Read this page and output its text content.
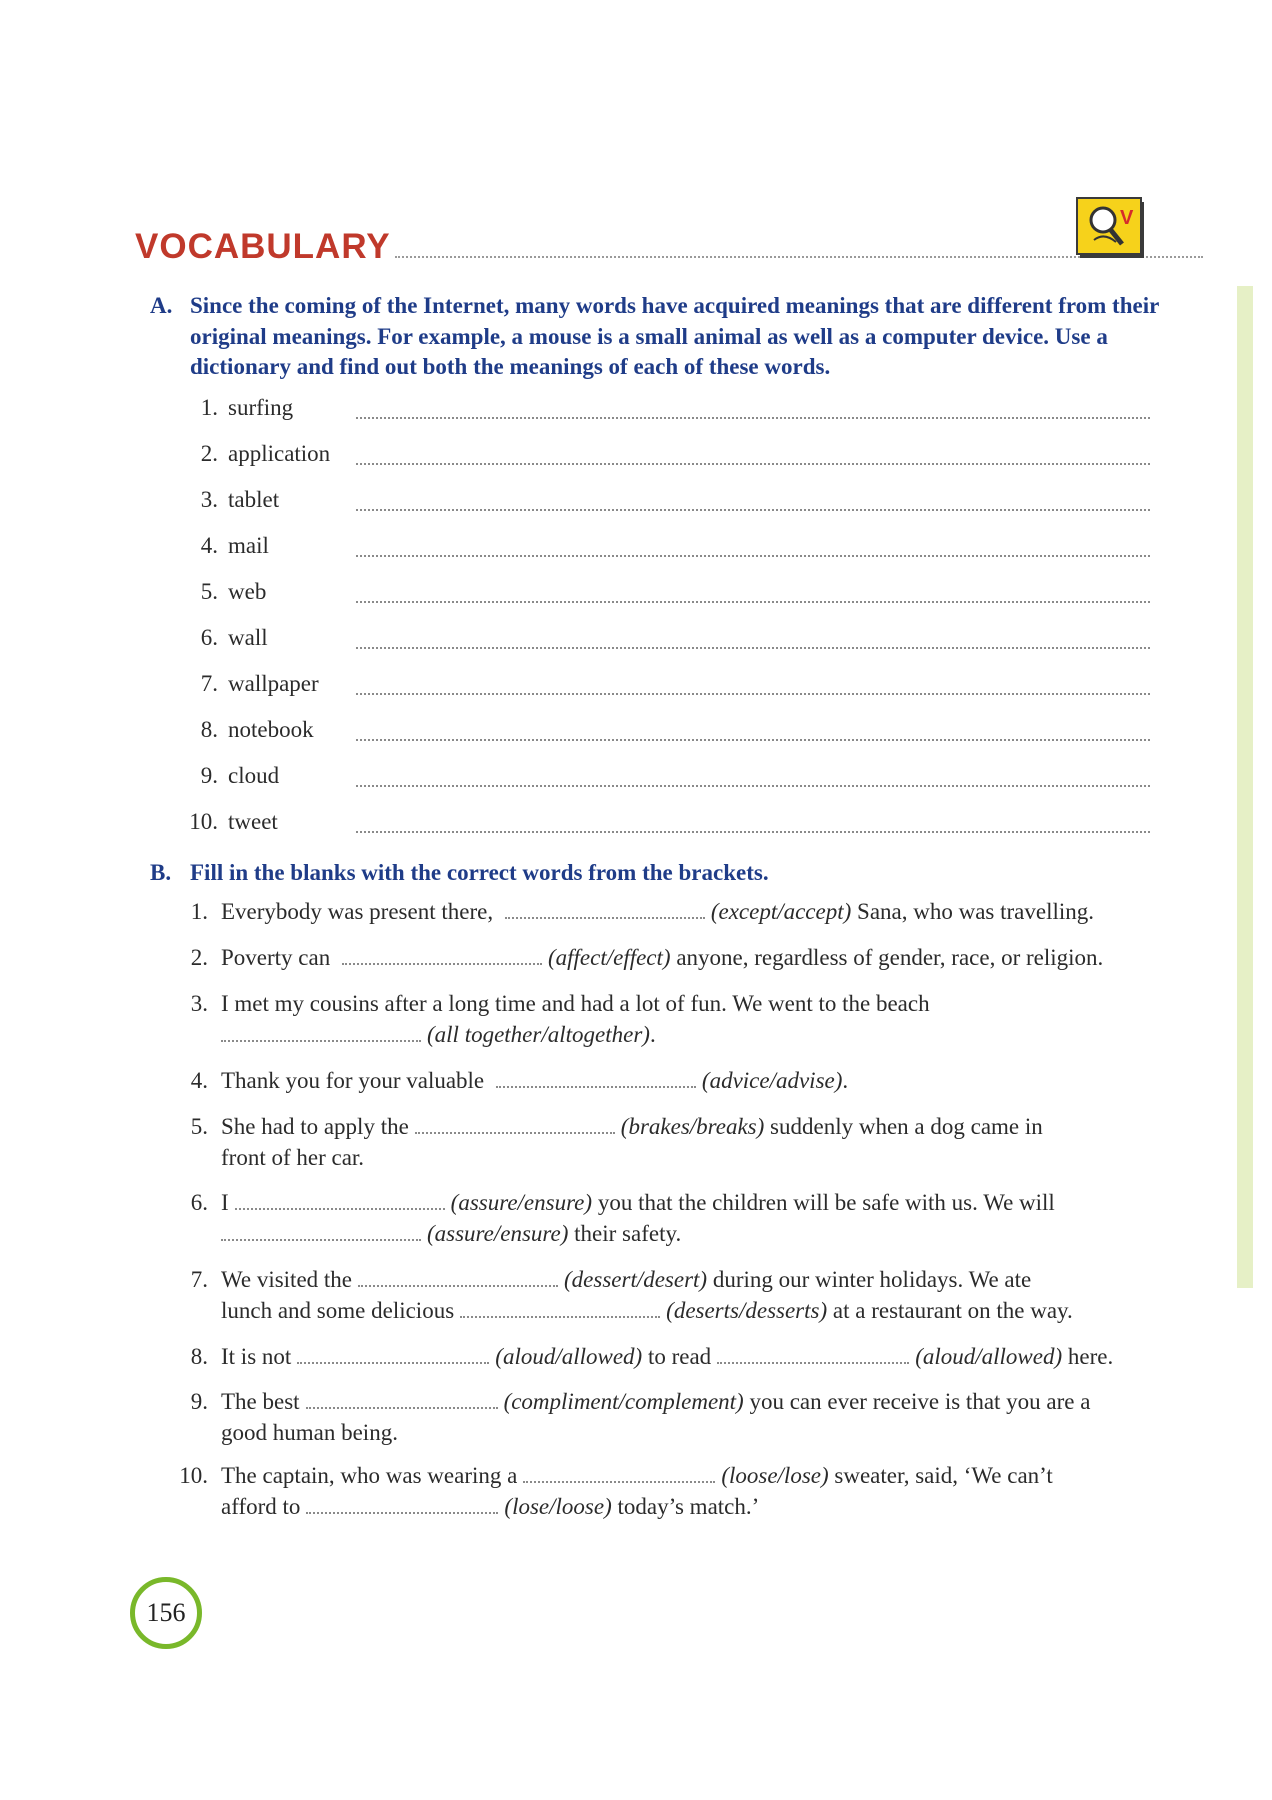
VOCABULARY
V
A. Since the coming of the Internet, many words have acquired meanings that are different from their original meanings. For example, a mouse is a small animal as well as a computer device. Use a dictionary and find out both the meanings of each of these words.
1. surfing
2. application
3. tablet
4. mail
5. web
6. wall
7. wallpaper
8. notebook
9. cloud
10. tweet
B. Fill in the blanks with the correct words from the brackets.
1. Everybody was present there,	(except/accept) Sana, who was travelling.
2. Poverty can	(affect/effect) anyone, regardless of gender, race, or religion.
3. I met my cousins after a long time and had a lot of fun. We went to the beach
(all together/altogether).
4. Thank you for your valuable	(advice/advise).
5. She had to apply the	(brakes/breaks) suddenly when a dog came in
front of her car.
6. I	(assure/ensure) you that the children will be safe with us. We will
(assure/ensure) their safety.
7. We visited the	(dessert/desert) during our winter holidays. We ate
lunch and some delicious	(deserts/desserts) at a restaurant on the way.
8. It is not	(aloud/allowed) to read	(aloud/allowed) here.
9. The best	(compliment/complement) you can ever receive is that you are a
good human being.
10. The captain, who was wearing a	(loose/lose) sweater, said, ‘We can’t
afford to	(lose/loose) today’s match.’
156
